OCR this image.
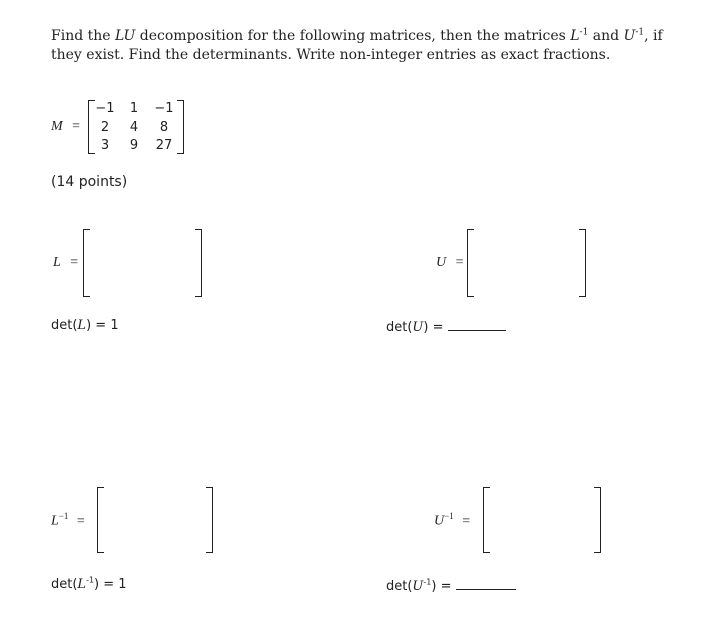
Find the LU decomposition for the following matrices, then the matrices $L^{-1}$ and $U^{-1}$, if they exist. Find the determinants. Write non-integer entries as exact fractions.
M =
−1	1	−1
2	4	8
3	9	27
(14 points)
L =	U =
det(L) = 1	det(U) =
$L^{-1}$ =	$U^{-1}$ =
$\det(L^{-1}) = 1$	$\det(U^{-1})$ =
